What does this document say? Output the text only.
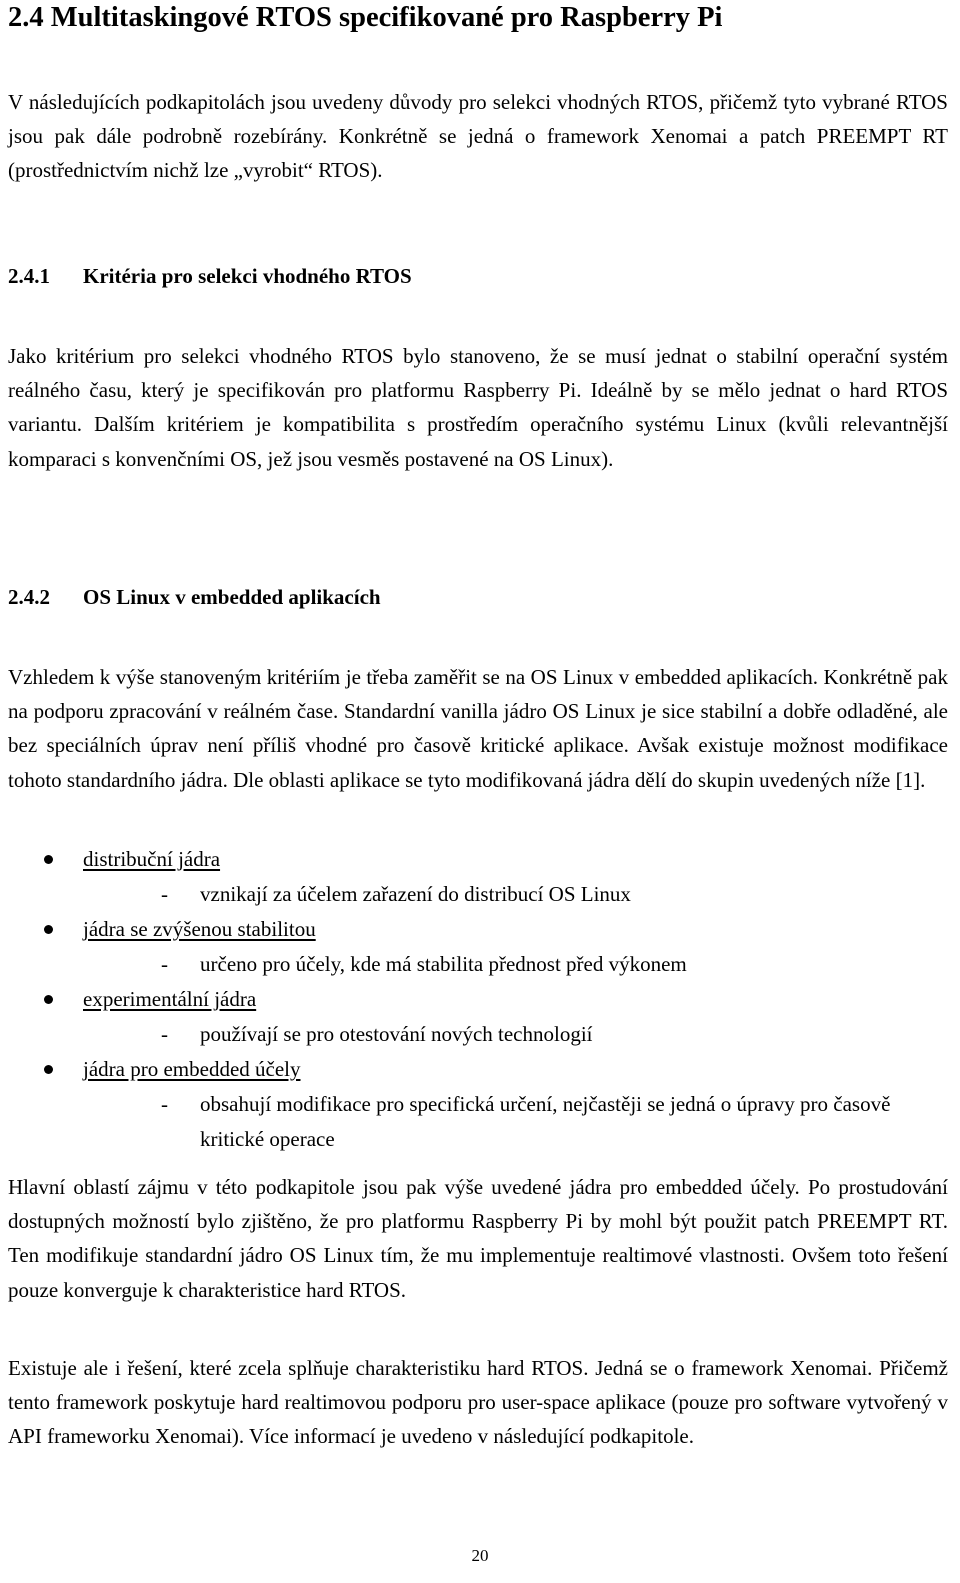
2.4 Multitaskingové RTOS specifikované pro Raspberry Pi

V následujících podkapitolách jsou uvedeny důvody pro selekci vhodných RTOS, přičemž tyto vybrané RTOS jsou pak dále podrobně rozebírány. Konkrétně se jedná o framework Xenomai a patch PREEMPT RT (prostřednictvím nichž lze „vyrobit“ RTOS).

2.4.1 Kritéria pro selekci vhodného RTOS

Jako kritérium pro selekci vhodného RTOS bylo stanoveno, že se musí jednat o stabilní operační systém reálného času, který je specifikován pro platformu Raspberry Pi. Ideálně by se mělo jednat o hard RTOS variantu. Dalším kritériem je kompatibilita s prostředím operačního systému Linux (kvůli relevantnější komparaci s konvenčními OS, jež jsou vesměs postavené na OS Linux).

2.4.2 OS Linux v embedded aplikacích

Vzhledem k výše stanoveným kritériím je třeba zaměřit se na OS Linux v embedded aplikacích. Konkrétně pak na podporu zpracování v reálném čase. Standardní vanilla jádro OS Linux je sice stabilní a dobře odladěné, ale bez speciálních úprav není příliš vhodné pro časově kritické aplikace. Avšak existuje možnost modifikace tohoto standardního jádra. Dle oblasti aplikace se tyto modifikovaná jádra dělí do skupin uvedených níže [1].

distribuční jádra

- vznikají za účelem zařazení do distribucí OS Linux

jádra se zvýšenou stabilitou

- určeno pro účely, kde má stabilita přednost před výkonem

experimentální jádra

- používají se pro otestování nových technologií

jádra pro embedded účely

- obsahují modifikace pro specifická určení, nejčastěji se jedná o úpravy pro časově kritické operace

Hlavní oblastí zájmu v této podkapitole jsou pak výše uvedené jádra pro embedded účely. Po prostudování dostupných možností bylo zjištěno, že pro platformu Raspberry Pi by mohl být použit patch PREEMPT RT. Ten modifikuje standardní jádro OS Linux tím, že mu implementuje realtimové vlastnosti. Ovšem toto řešení pouze konverguje k charakteristice hard RTOS.

Existuje ale i řešení, které zcela splňuje charakteristiku hard RTOS. Jedná se o framework Xenomai. Přičemž tento framework poskytuje hard realtimovou podporu pro user-space aplikace (pouze pro software vytvořený v API frameworku Xenomai). Více informací je uvedeno v následující podkapitole.

20
